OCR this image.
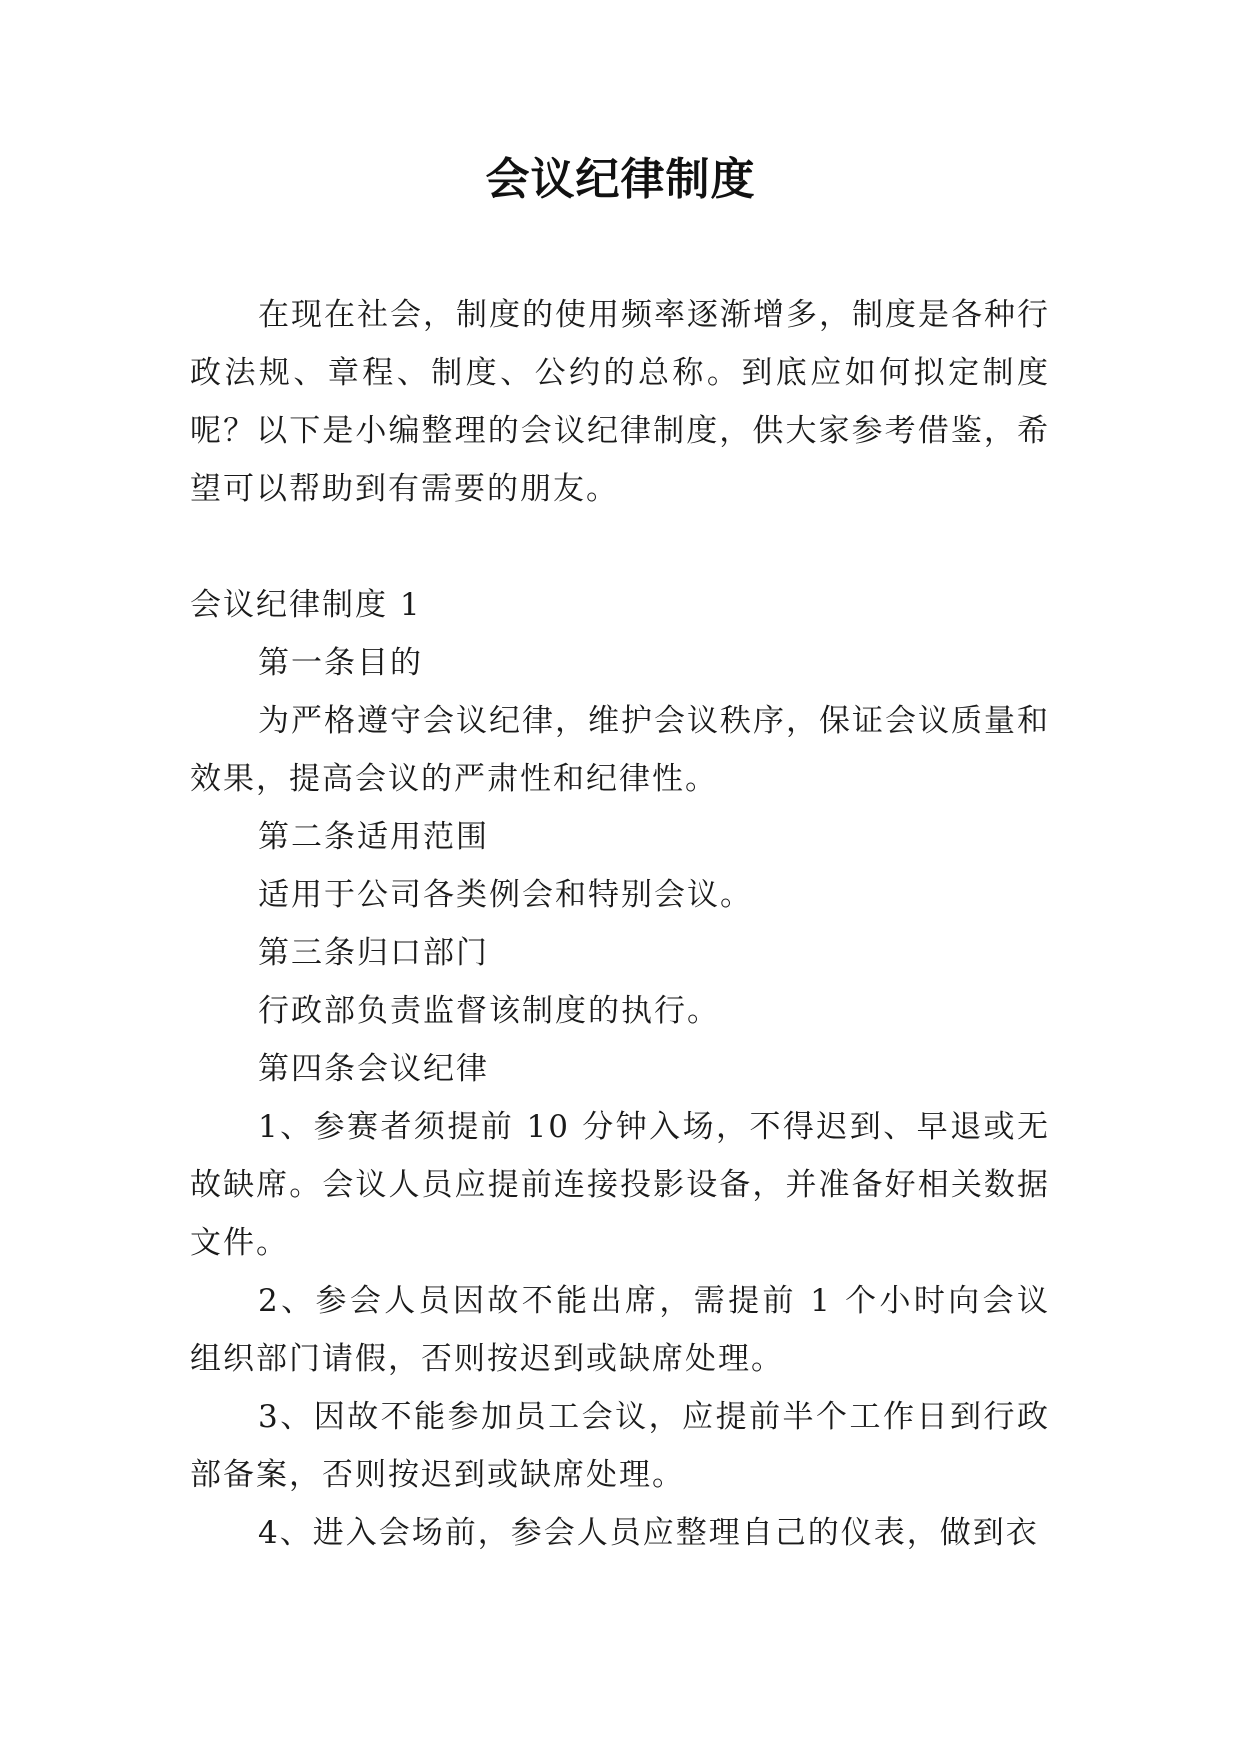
会议纪律制度

在现在社会，制度的使用频率逐渐增多，制度是各种行政法规、章程、制度、公约的总称。到底应如何拟定制度呢？以下是小编整理的会议纪律制度，供大家参考借鉴，希望可以帮助到有需要的朋友。

会议纪律制度 1

第一条目的

为严格遵守会议纪律，维护会议秩序，保证会议质量和效果，提高会议的严肃性和纪律性。

第二条适用范围

适用于公司各类例会和特别会议。

第三条归口部门

行政部负责监督该制度的执行。

第四条会议纪律

1、参赛者须提前 10 分钟入场，不得迟到、早退或无故缺席。会议人员应提前连接投影设备，并准备好相关数据文件。

2、参会人员因故不能出席，需提前 1 个小时向会议组织部门请假，否则按迟到或缺席处理。

3、因故不能参加员工会议，应提前半个工作日到行政部备案，否则按迟到或缺席处理。

4、进入会场前，参会人员应整理自己的仪表，做到衣
